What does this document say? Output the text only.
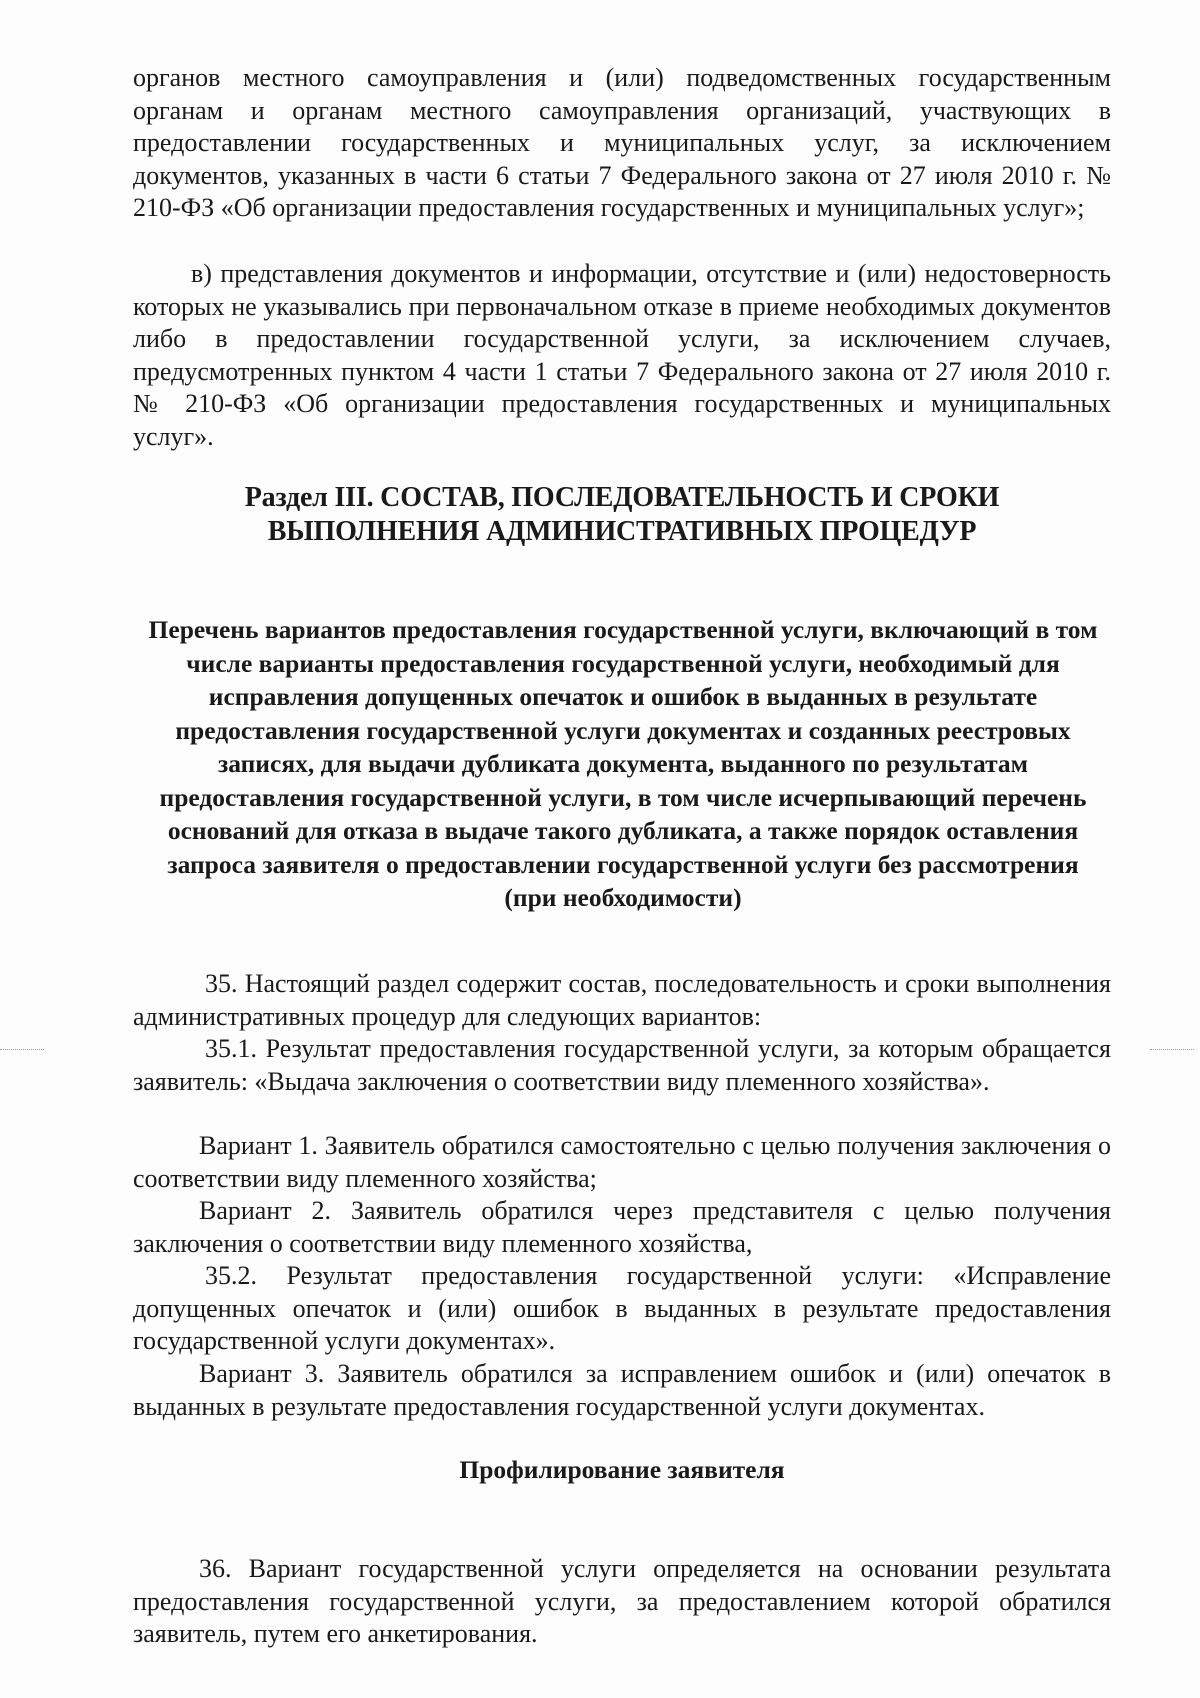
органов местного самоуправления и (или) подведомственных государственным органам и органам местного самоуправления организаций, участвующих в предоставлении государственных и муниципальных услуг, за исключением документов, указанных в части 6 статьи 7 Федерального закона от 27 июля 2010 г. № 210-ФЗ «Об организации предоставления государственных и муниципальных услуг»;

в) представления документов и информации, отсутствие и (или) недостоверность которых не указывались при первоначальном отказе в приеме необходимых документов либо в предоставлении государственной услуги, за исключением случаев, предусмотренных пунктом 4 части 1 статьи 7 Федерального закона от 27 июля 2010 г. № 210-ФЗ «Об организации предоставления государственных и муниципальных услуг».

Раздел III. СОСТАВ, ПОСЛЕДОВАТЕЛЬНОСТЬ И СРОКИ
ВЫПОЛНЕНИЯ АДМИНИСТРАТИВНЫХ ПРОЦЕДУР

Перечень вариантов предоставления государственной услуги, включающий в том числе варианты предоставления государственной услуги, необходимый для исправления допущенных опечаток и ошибок в выданных в результате предоставления государственной услуги документах и созданных реестровых записях, для выдачи дубликата документа, выданного по результатам предоставления государственной услуги, в том числе исчерпывающий перечень оснований для отказа в выдаче такого дубликата, а также порядок оставления запроса заявителя о предоставлении государственной услуги без рассмотрения (при необходимости)

35. Настоящий раздел содержит состав, последовательность и сроки выполнения административных процедур для следующих вариантов:

35.1. Результат предоставления государственной услуги, за которым обращается заявитель: «Выдача заключения о соответствии виду племенного хозяйства».

Вариант 1. Заявитель обратился самостоятельно с целью получения заключения о соответствии виду племенного хозяйства;

Вариант 2. Заявитель обратился через представителя с целью получения заключения о соответствии виду племенного хозяйства,

35.2. Результат предоставления государственной услуги: «Исправление допущенных опечаток и (или) ошибок в выданных в результате предоставления государственной услуги документах».

Вариант 3. Заявитель обратился за исправлением ошибок и (или) опечаток в выданных в результате предоставления государственной услуги документах.

Профилирование заявителя

36. Вариант государственной услуги определяется на основании результата предоставления государственной услуги, за предоставлением которой обратился заявитель, путем его анкетирования.
